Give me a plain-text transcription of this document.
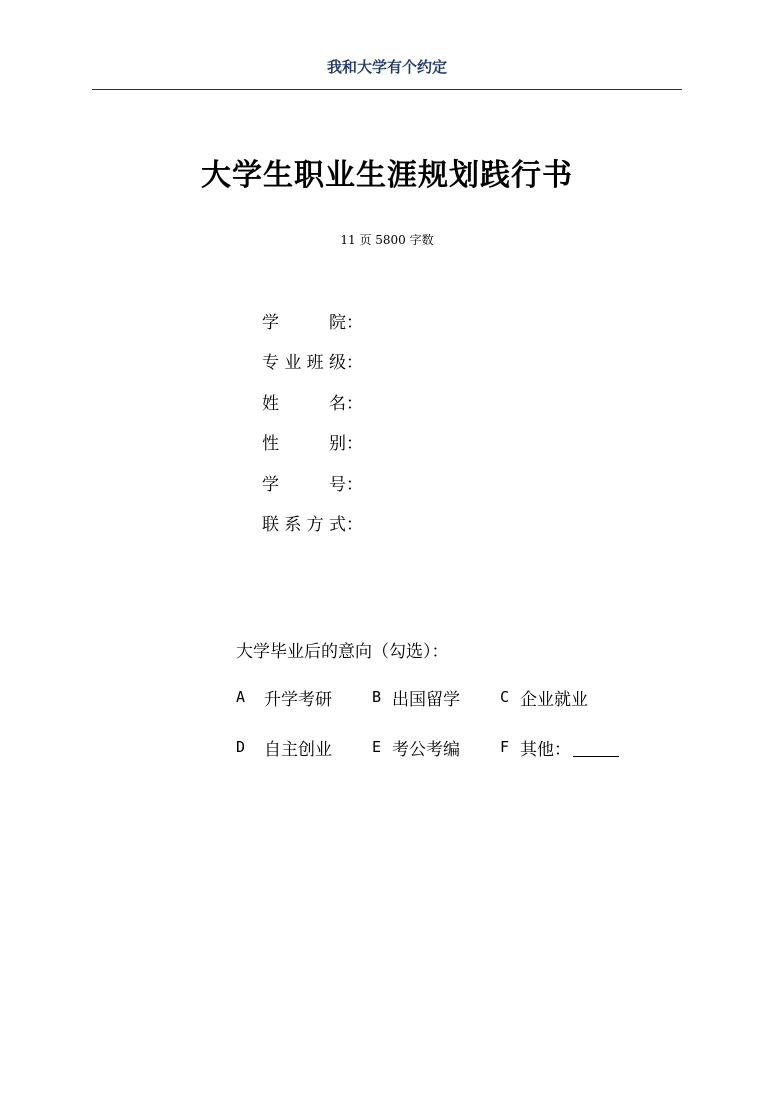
我和大学有个约定
大学生职业生涯规划践行书
11 页 5800 字数
学	院 ：
专 业 班 级 ：
姓	名 ：
性	别 ：
学	号 ：
联 系 方 式 ：
大学毕业后的意向（勾选）：
A	升学考研	B 出国留学	C 企业就业
D	自主创业	E 考公考编	F 其他：
